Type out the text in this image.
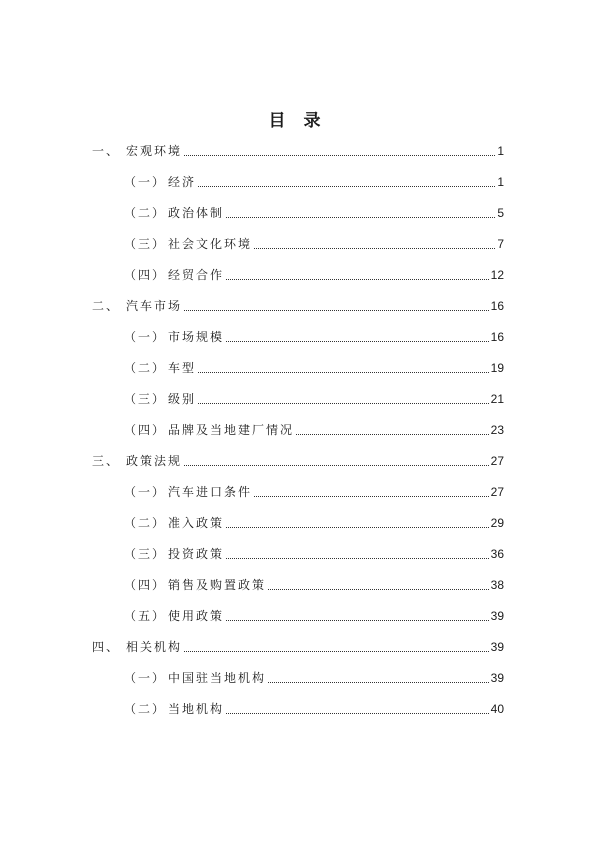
目 录
一、 宏观环境	1
（一） 经济	1
（二） 政治体制	5
（三） 社会文化环境	7
（四） 经贸合作	12
二、 汽车市场	16
（一） 市场规模	16
（二） 车型	19
（三） 级别	21
（四） 品牌及当地建厂情况	23
三、 政策法规	27
（一） 汽车进口条件	27
（二） 准入政策	29
（三） 投资政策	36
（四） 销售及购置政策	38
（五） 使用政策	39
四、 相关机构	39
（一） 中国驻当地机构	39
（二） 当地机构	40
